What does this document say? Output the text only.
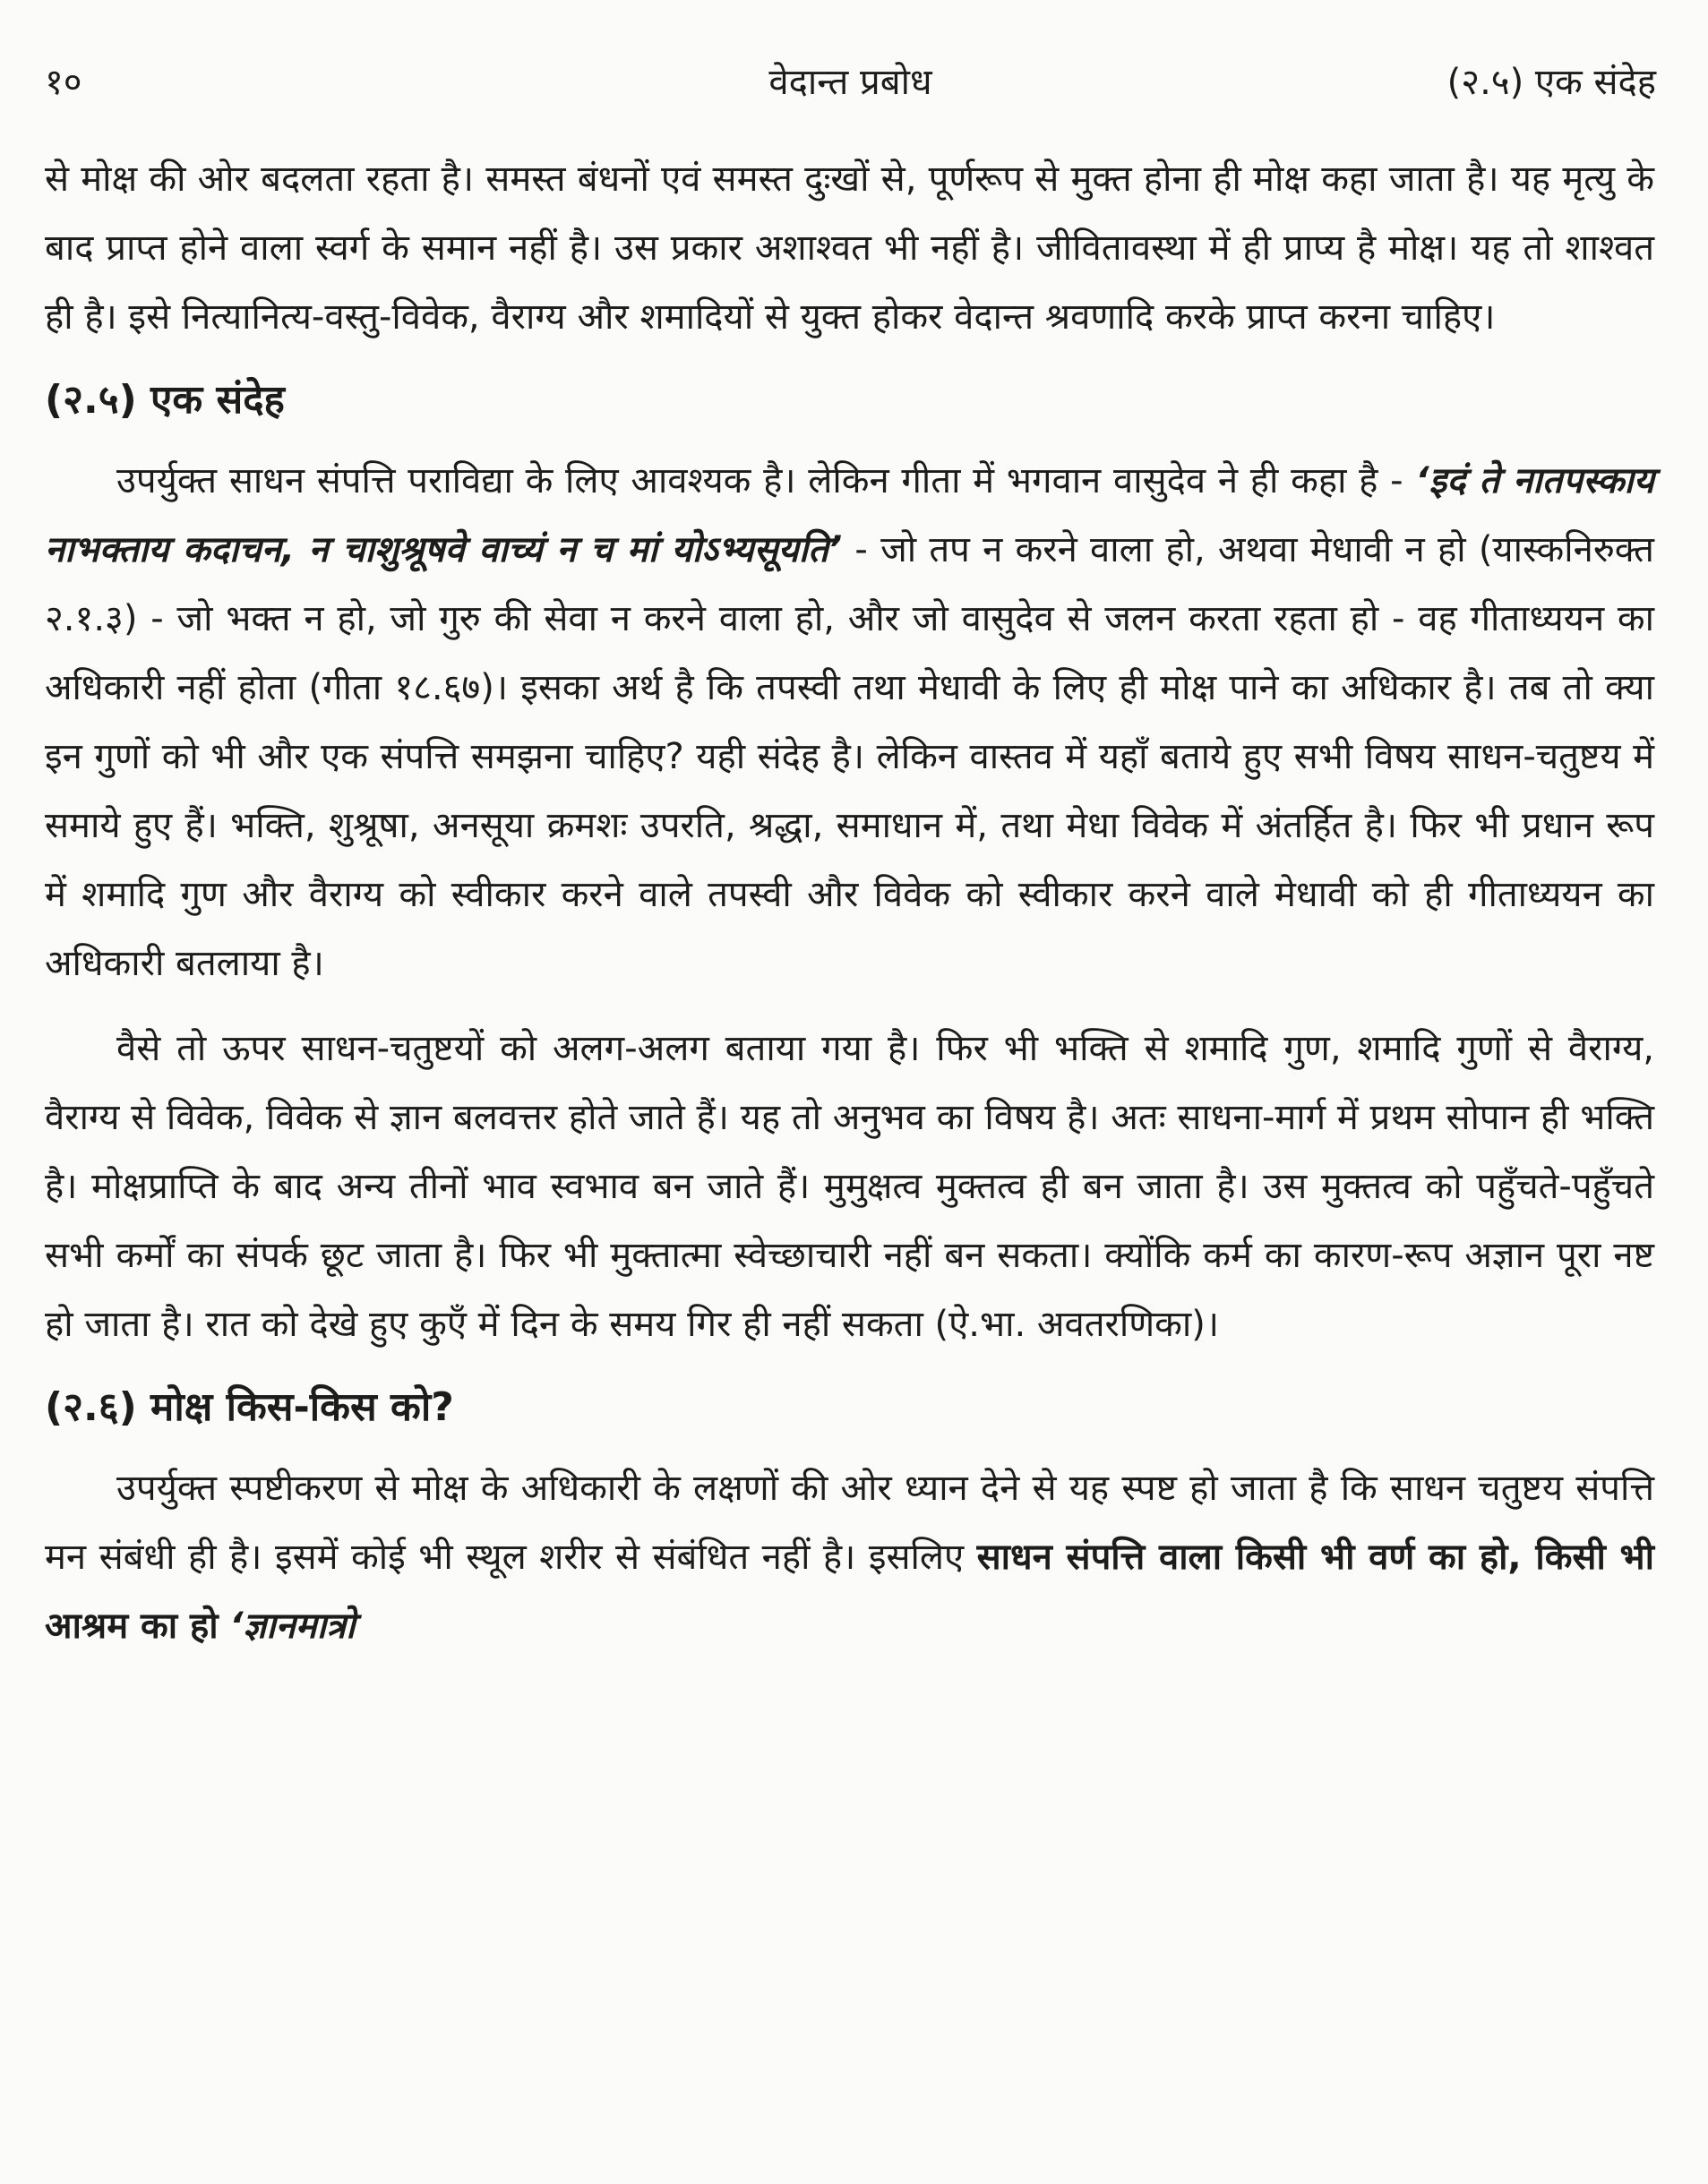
१०	वेदान्त प्रबोध	(२.५) एक संदेह

से मोक्ष की ओर बदलता रहता है। समस्त बंधनों एवं समस्त दुःखों से, पूर्णरूप से मुक्त होना ही मोक्ष कहा जाता है। यह मृत्यु के बाद प्राप्त होने वाला स्वर्ग के समान नहीं है। उस प्रकार अशाश्वत भी नहीं है। जीवितावस्था में ही प्राप्य है मोक्ष। यह तो शाश्वत ही है। इसे नित्यानित्य-वस्तु-विवेक, वैराग्य और शमादियों से युक्त होकर वेदान्त श्रवणादि करके प्राप्त करना चाहिए।

(२.५) एक संदेह

उपर्युक्त साधन संपत्ति पराविद्या के लिए आवश्यक है। लेकिन गीता में भगवान वासुदेव ने ही कहा है - ‘इदं ते नातपस्काय नाभक्ताय कदाचन, न चाशुश्रूषवे वाच्यं न च मां योऽभ्यसूयति’ - जो तप न करने वाला हो, अथवा मेधावी न हो (यास्कनिरुक्त २.१.३) - जो भक्त न हो, जो गुरु की सेवा न करने वाला हो, और जो वासुदेव से जलन करता रहता हो - वह गीताध्ययन का अधिकारी नहीं होता (गीता १८.६७)। इसका अर्थ है कि तपस्वी तथा मेधावी के लिए ही मोक्ष पाने का अधिकार है। तब तो क्या इन गुणों को भी और एक संपत्ति समझना चाहिए? यही संदेह है। लेकिन वास्तव में यहाँ बताये हुए सभी विषय साधन-चतुष्टय में समाये हुए हैं। भक्ति, शुश्रूषा, अनसूया क्रमशः उपरति, श्रद्धा, समाधान में, तथा मेधा विवेक में अंतर्हित है। फिर भी प्रधान रूप में शमादि गुण और वैराग्य को स्वीकार करने वाले तपस्वी और विवेक को स्वीकार करने वाले मेधावी को ही गीताध्ययन का अधिकारी बतलाया है।

वैसे तो ऊपर साधन-चतुष्टयों को अलग-अलग बताया गया है। फिर भी भक्ति से शमादि गुण, शमादि गुणों से वैराग्य, वैराग्य से विवेक, विवेक से ज्ञान बलवत्तर होते जाते हैं। यह तो अनुभव का विषय है। अतः साधना-मार्ग में प्रथम सोपान ही भक्ति है। मोक्षप्राप्ति के बाद अन्य तीनों भाव स्वभाव बन जाते हैं। मुमुक्षत्व मुक्तत्व ही बन जाता है। उस मुक्तत्व को पहुँचते-पहुँचते सभी कर्मों का संपर्क छूट जाता है। फिर भी मुक्तात्मा स्वेच्छाचारी नहीं बन सकता। क्योंकि कर्म का कारण-रूप अज्ञान पूरा नष्ट हो जाता है। रात को देखे हुए कुएँ में दिन के समय गिर ही नहीं सकता (ऐ.भा. अवतरणिका)।

(२.६) मोक्ष किस-किस को?

उपर्युक्त स्पष्टीकरण से मोक्ष के अधिकारी के लक्षणों की ओर ध्यान देने से यह स्पष्ट हो जाता है कि साधन चतुष्टय संपत्ति मन संबंधी ही है। इसमें कोई भी स्थूल शरीर से संबंधित नहीं है। इसलिए साधन संपत्ति वाला किसी भी वर्ण का हो, किसी भी आश्रम का हो ‘ज्ञानमात्रो
